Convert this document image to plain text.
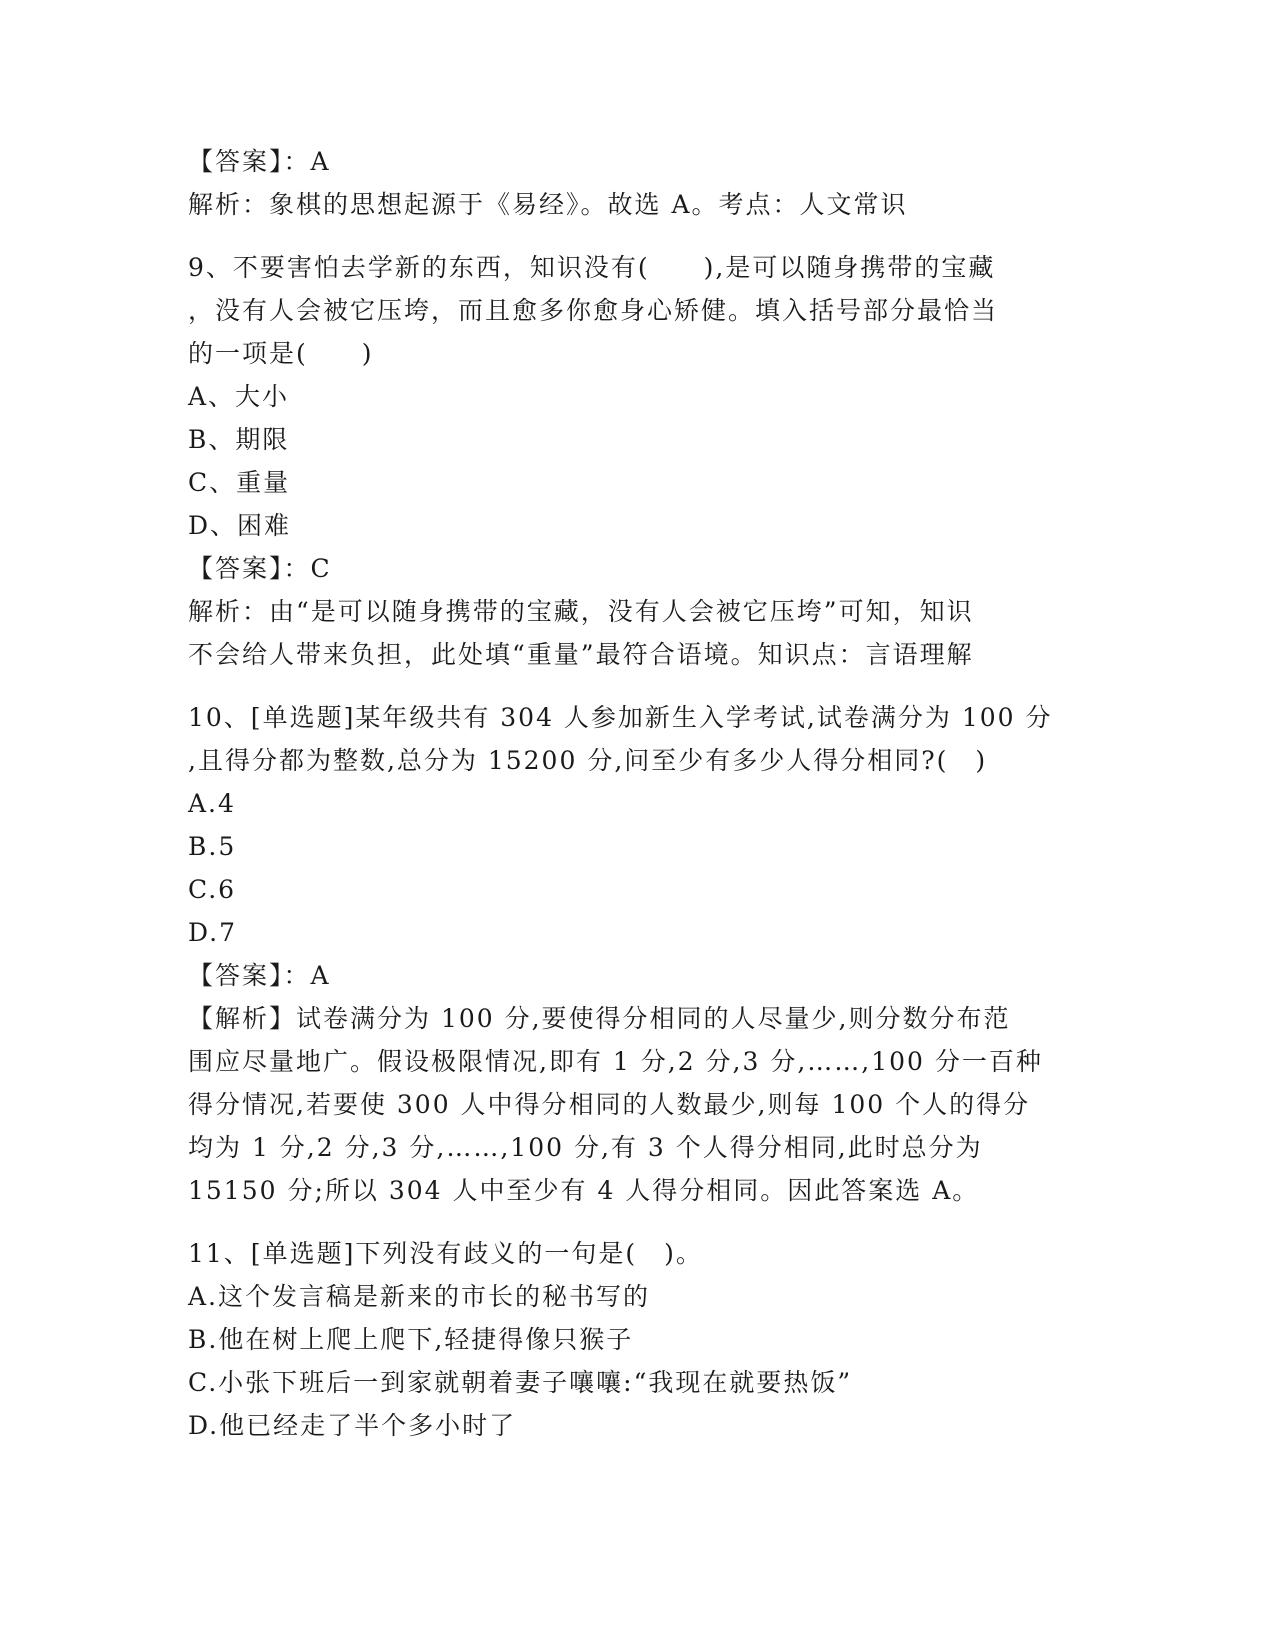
【答案】：A
解析：象棋的思想起源于《易经》。故选 A。考点：人文常识
9、不要害怕去学新的东西，知识没有(　　),是可以随身携带的宝藏
，没有人会被它压垮，而且愈多你愈身心矫健。填入括号部分最恰当
的一项是(　　)
A、大小
B、期限
C、重量
D、困难
【答案】：C
解析：由“是可以随身携带的宝藏，没有人会被它压垮”可知，知识
不会给人带来负担，此处填“重量”最符合语境。知识点：言语理解
10、[单选题]某年级共有 304 人参加新生入学考试,试卷满分为 100 分
,且得分都为整数,总分为 15200 分,问至少有多少人得分相同?(　)
A.4
B.5
C.6
D.7
【答案】：A
【解析】试卷满分为 100 分,要使得分相同的人尽量少,则分数分布范
围应尽量地广。假设极限情况,即有 1 分,2 分,3 分,……,100 分一百种
得分情况,若要使 300 人中得分相同的人数最少,则每 100 个人的得分
均为 1 分,2 分,3 分,……,100 分,有 3 个人得分相同,此时总分为
15150 分;所以 304 人中至少有 4 人得分相同。因此答案选 A。
11、[单选题]下列没有歧义的一句是(　)。
A.这个发言稿是新来的市长的秘书写的
B.他在树上爬上爬下,轻捷得像只猴子
C.小张下班后一到家就朝着妻子嚷嚷:“我现在就要热饭”
D.他已经走了半个多小时了
